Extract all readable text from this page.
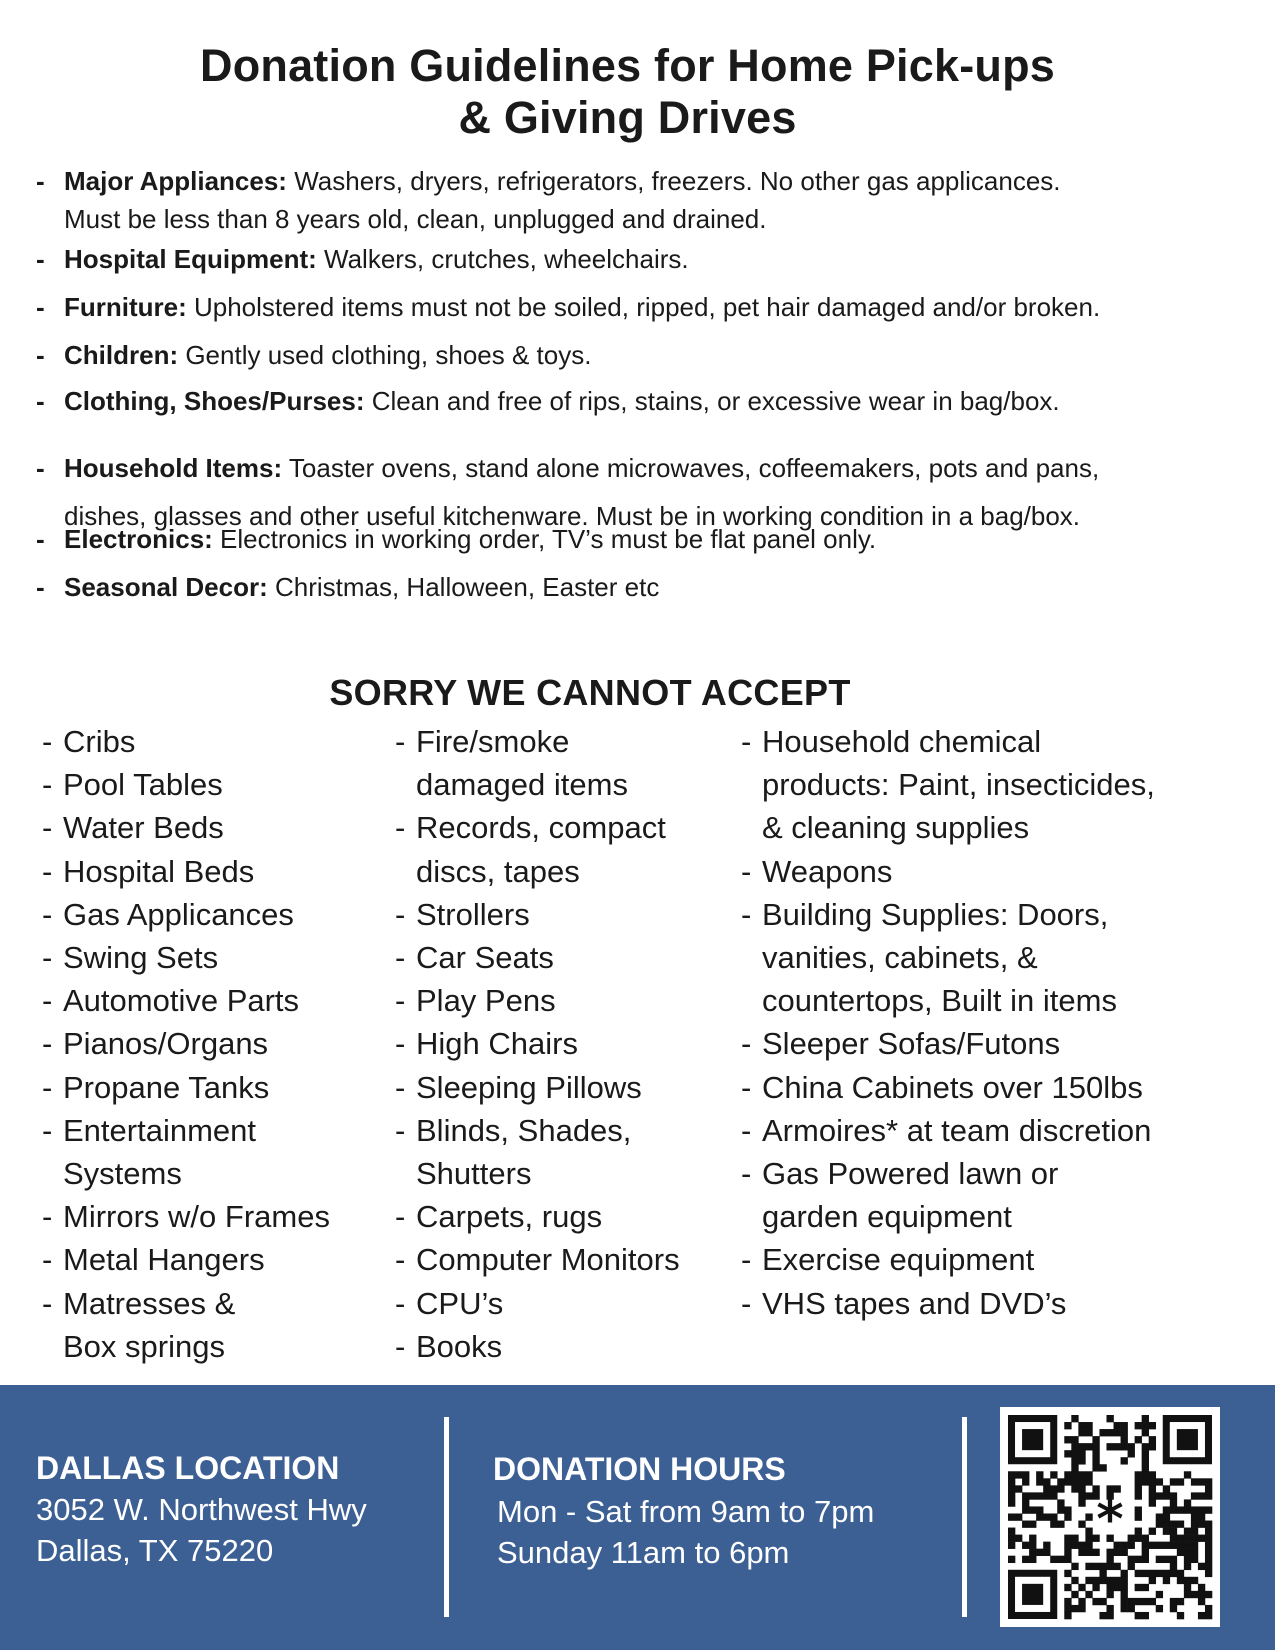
Donation Guidelines for Home Pick-ups
& Giving Drives
- Major Appliances: Washers, dryers, refrigerators, freezers. No other gas applicances.
Must be less than 8 years old, clean, unplugged and drained.
- Hospital Equipment: Walkers, crutches, wheelchairs.
- Furniture: Upholstered items must not be soiled, ripped, pet hair damaged and/or broken.
- Children: Gently used clothing, shoes & toys.
- Clothing, Shoes/Purses: Clean and free of rips, stains, or excessive wear in bag/box.
- Household Items: Toaster ovens, stand alone microwaves, coffeemakers, pots and pans,
dishes, glasses and other useful kitchenware. Must be in working condition in a bag/box.
- Electronics: Electronics in working order, TV’s must be flat panel only.
- Seasonal Decor: Christmas, Halloween, Easter etc
SORRY WE CANNOT ACCEPT
- Cribs
- Pool Tables
- Water Beds
- Hospital Beds
- Gas Applicances
- Swing Sets
- Automotive Parts
- Pianos/Organs
- Propane Tanks
- Entertainment
Systems
- Mirrors w/o Frames
- Metal Hangers
- Matresses &
Box springs
- Fire/smoke
damaged items
- Records, compact
discs, tapes
- Strollers
- Car Seats
- Play Pens
- High Chairs
- Sleeping Pillows
- Blinds, Shades,
Shutters
- Carpets, rugs
- Computer Monitors
- CPU’s
- Books
- Household chemical
products: Paint, insecticides,
& cleaning supplies
- Weapons
- Building Supplies: Doors,
vanities, cabinets, &
countertops, Built in items
- Sleeper Sofas/Futons
- China Cabinets over 150lbs
- Armoires* at team discretion
- Gas Powered lawn or
garden equipment
- Exercise equipment
- VHS tapes and DVD’s
DALLAS LOCATION
3052 W. Northwest Hwy
Dallas, TX 75220
DONATION HOURS
Mon - Sat from 9am to 7pm
Sunday 11am to 6pm
*
